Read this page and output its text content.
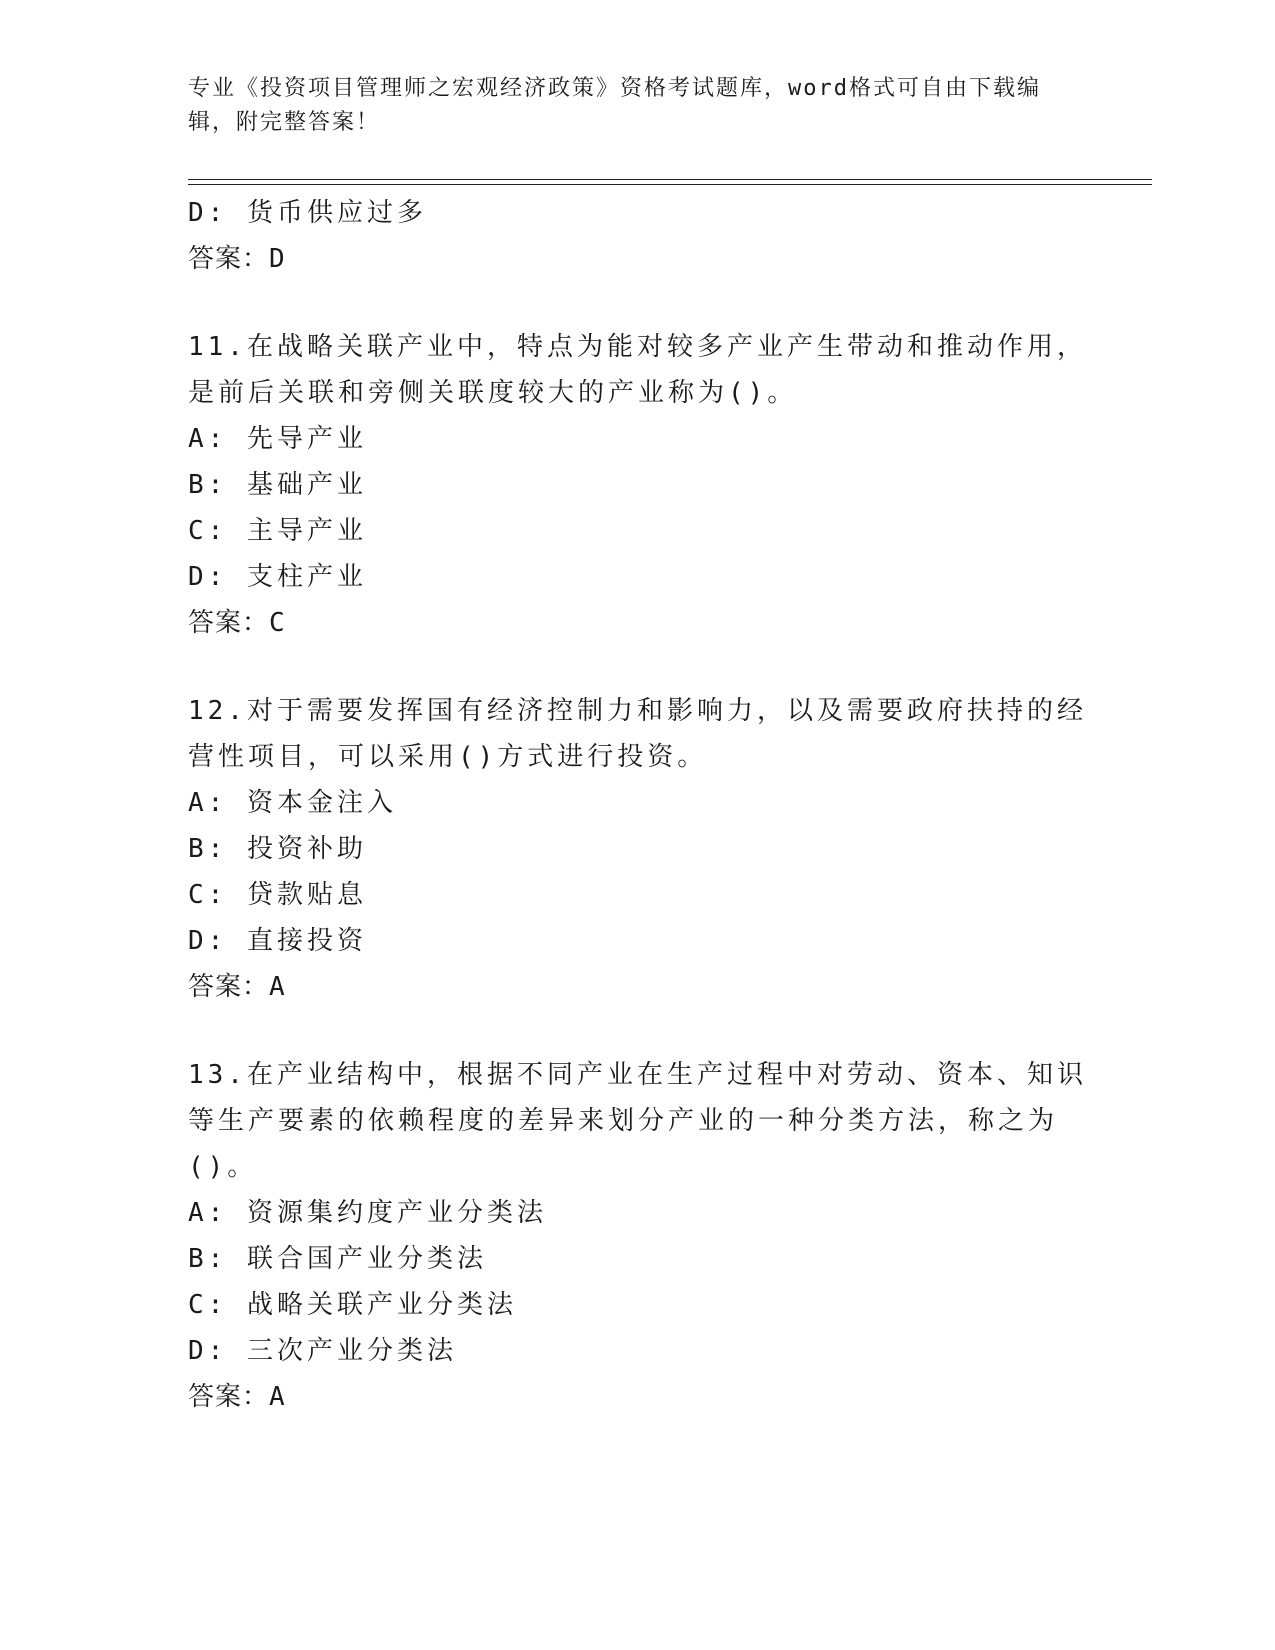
专业《投资项目管理师之宏观经济政策》资格考试题库，word格式可自由下载编辑，附完整答案！
D: 货币供应过多
答案：D
11.在战略关联产业中，特点为能对较多产业产生带动和推动作用，是前后关联和旁侧关联度较大的产业称为()。
A: 先导产业
B: 基础产业
C: 主导产业
D: 支柱产业
答案：C
12.对于需要发挥国有经济控制力和影响力，以及需要政府扶持的经营性项目，可以采用()方式进行投资。
A: 资本金注入
B: 投资补助
C: 贷款贴息
D: 直接投资
答案：A
13.在产业结构中，根据不同产业在生产过程中对劳动、资本、知识等生产要素的依赖程度的差异来划分产业的一种分类方法，称之为()。
A: 资源集约度产业分类法
B: 联合国产业分类法
C: 战略关联产业分类法
D: 三次产业分类法
答案：A
